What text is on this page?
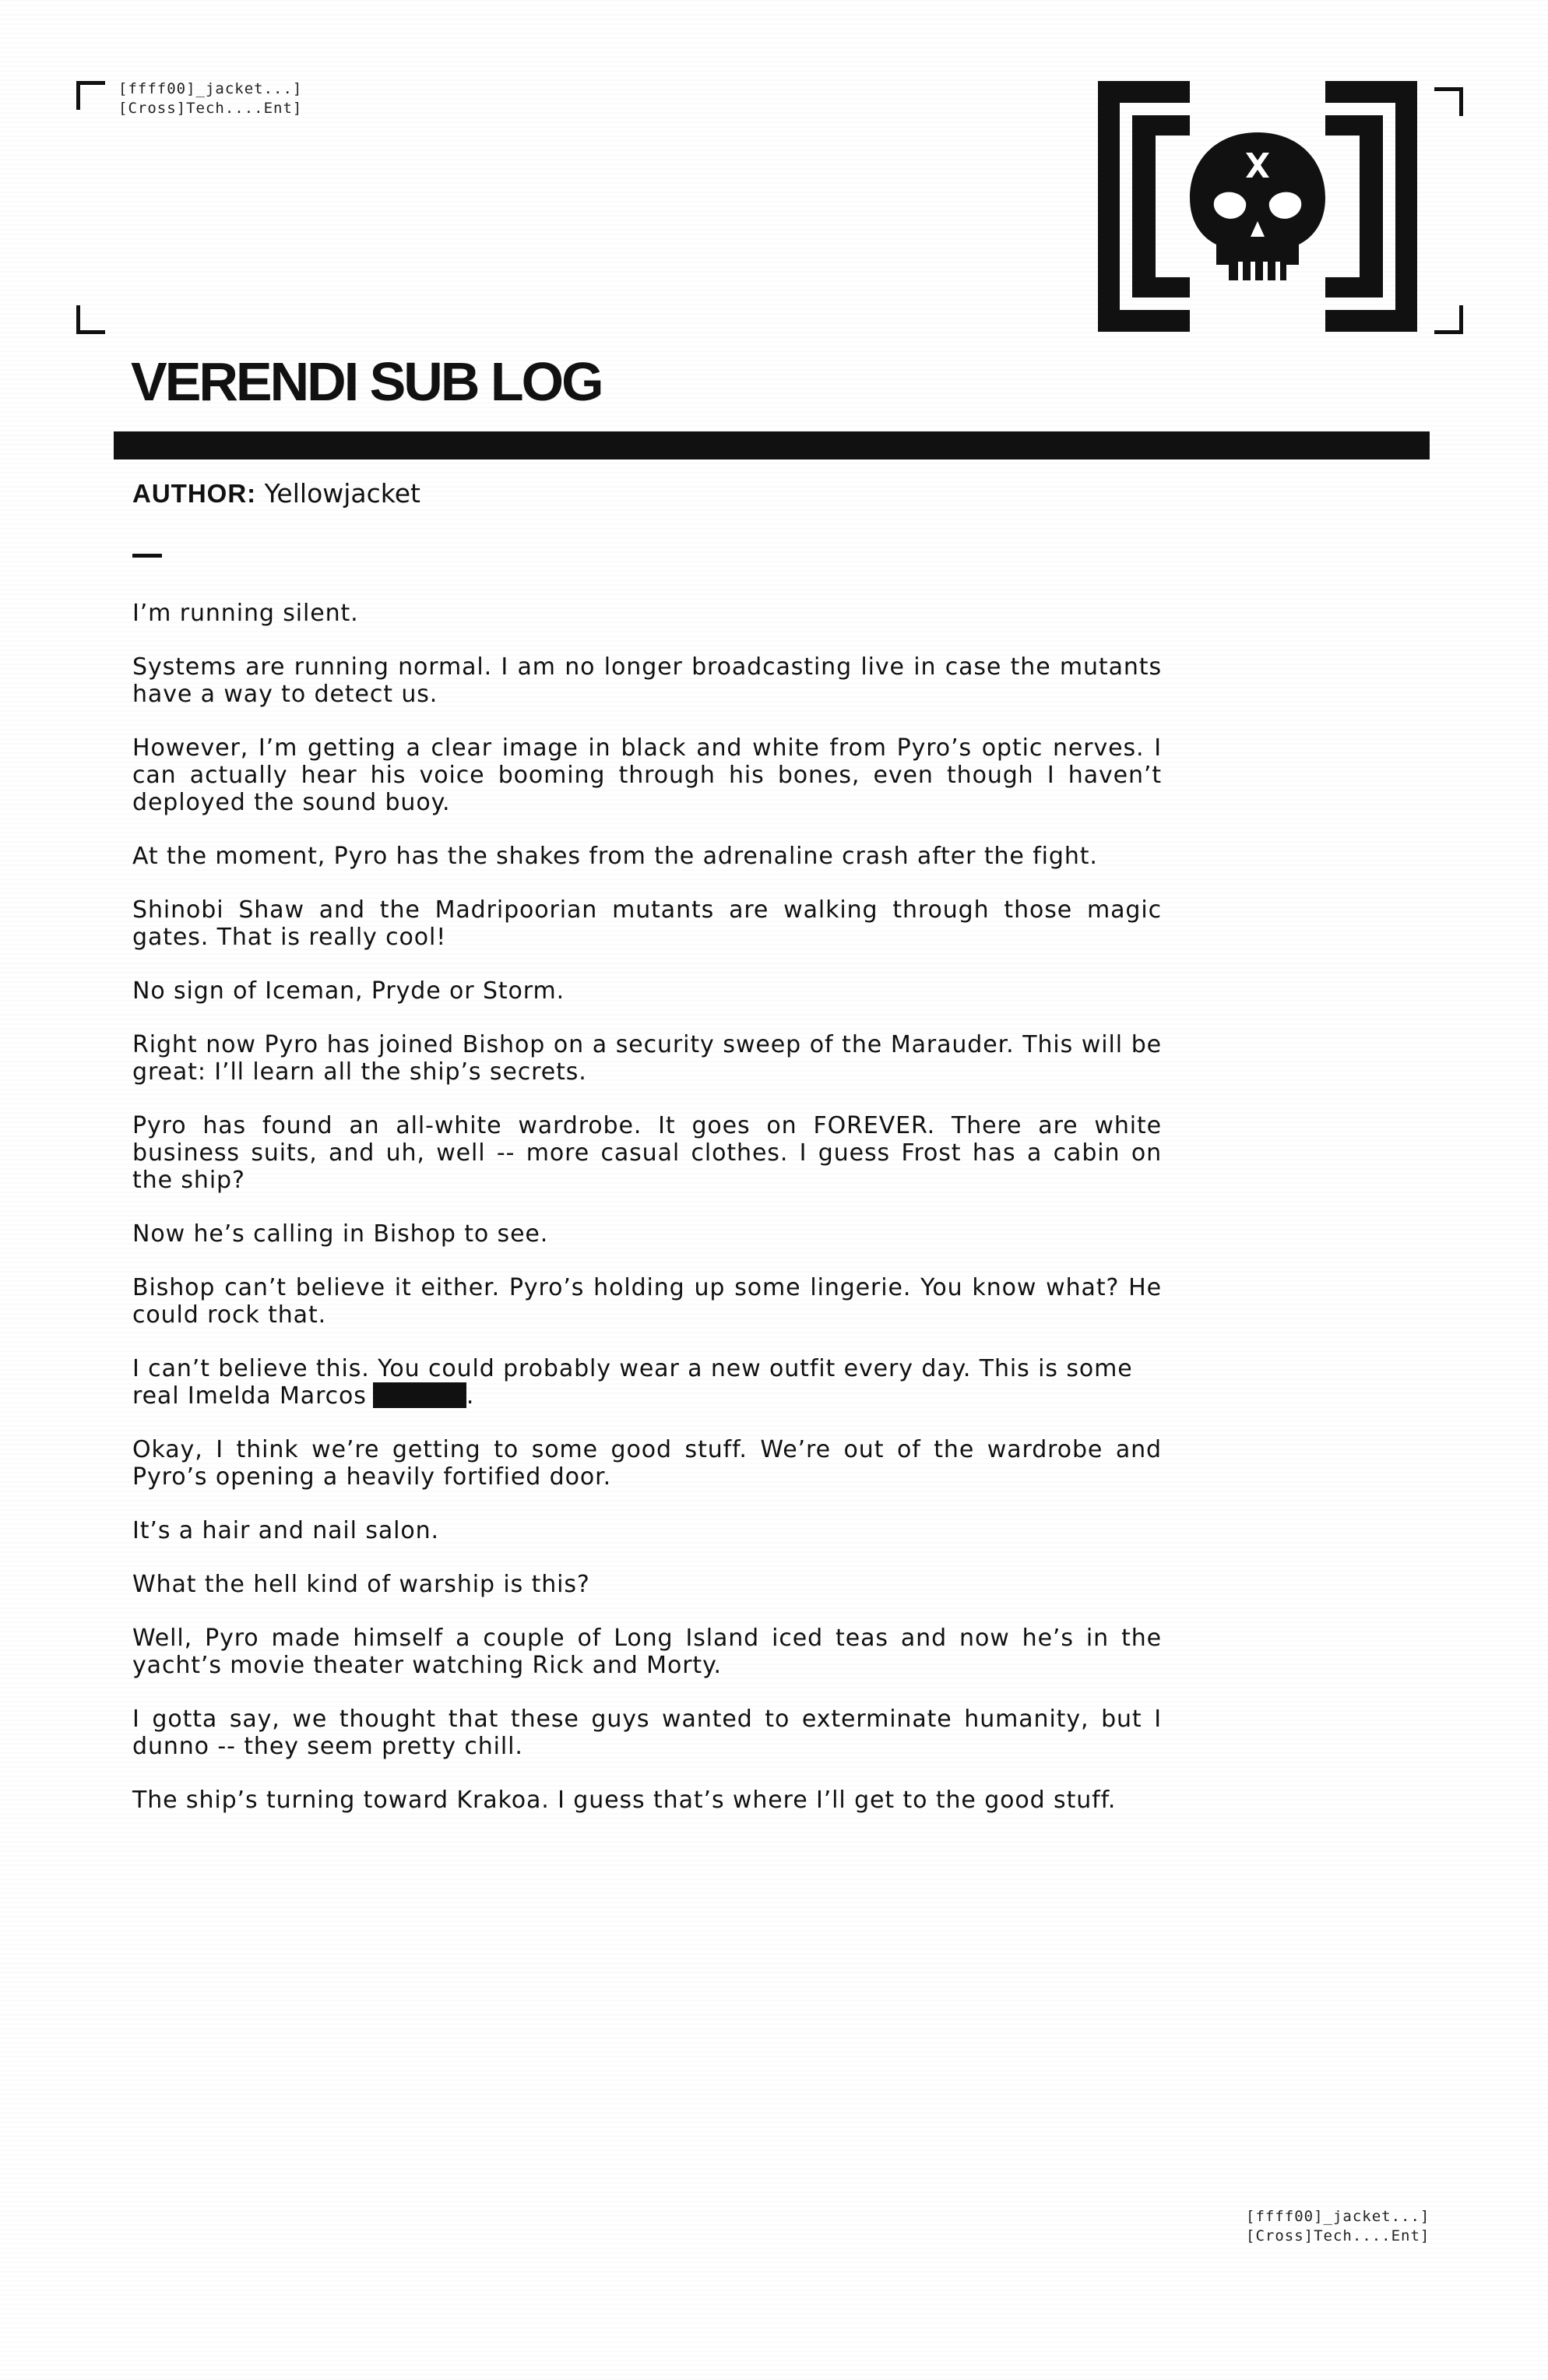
[ffff00]_jacket...]
[Cross]Tech....Ent]
VERENDI SUB LOG

AUTHOR: Yellowjacket

I’m running silent.

Systems are running normal. I am no longer broadcasting live in case the mutants have a way to detect us.

However, I’m getting a clear image in black and white from Pyro’s optic nerves. I can actually hear his voice booming through his bones, even though I haven’t deployed the sound buoy.

At the moment, Pyro has the shakes from the adrenaline crash after the fight.

Shinobi Shaw and the Madripoorian mutants are walking through those magic gates. That is really cool!

No sign of Iceman, Pryde or Storm.

Right now Pyro has joined Bishop on a security sweep of the Marauder. This will be great: I’ll learn all the ship’s secrets.

Pyro has found an all-white wardrobe. It goes on FOREVER. There are white business suits, and uh, well -- more casual clothes. I guess Frost has a cabin on the ship?

Now he’s calling in Bishop to see.

Bishop can’t believe it either. Pyro’s holding up some lingerie. You know what? He could rock that.

I can’t believe this. You could probably wear a new outfit every day. This is some real Imelda Marcos	.

Okay, I think we’re getting to some good stuff. We’re out of the wardrobe and Pyro’s opening a heavily fortified door.

It’s a hair and nail salon.

What the hell kind of warship is this?

Well, Pyro made himself a couple of Long Island iced teas and now he’s in the yacht’s movie theater watching Rick and Morty.

I gotta say, we thought that these guys wanted to exterminate humanity, but I dunno -- they seem pretty chill.

The ship’s turning toward Krakoa. I guess that’s where I’ll get to the good stuff.

[ffff00]_jacket...]
[Cross]Tech....Ent]
